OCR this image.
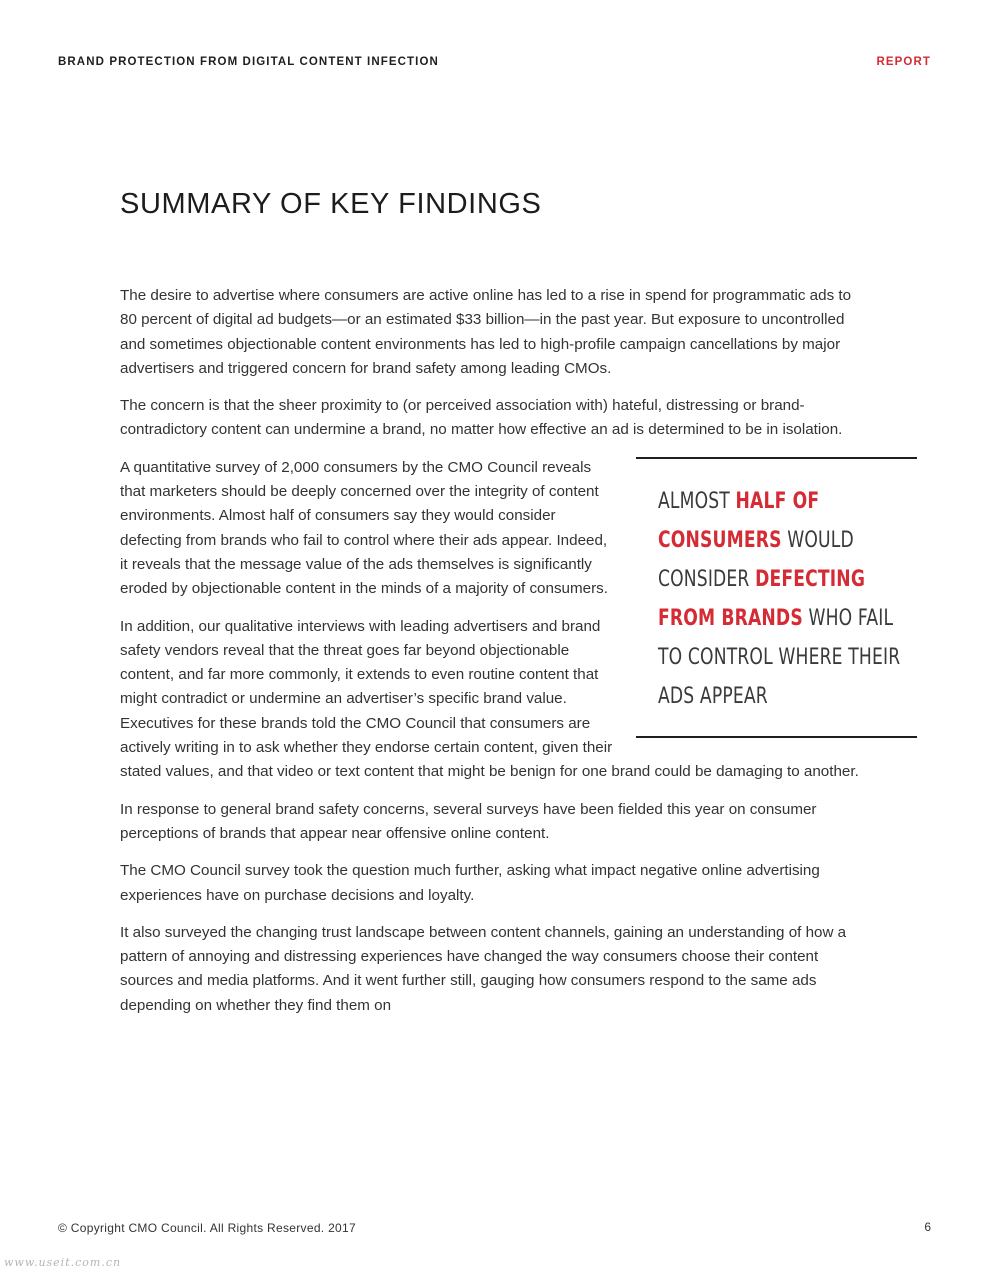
BRAND PROTECTION FROM DIGITAL CONTENT INFECTION	REPORT
SUMMARY OF KEY FINDINGS

The desire to advertise where consumers are active online has led to a rise in spend for programmatic ads to 80 percent of digital ad budgets—or an estimated $33 billion—in the past year. But exposure to uncontrolled and sometimes objectionable content environments has led to high-profile campaign cancellations by major advertisers and triggered concern for brand safety among leading CMOs.

The concern is that the sheer proximity to (or perceived association with) hateful, distressing or brand-contradictory content can undermine a brand, no matter how effective an ad is determined to be in isolation.

ALMOST HALF OF CONSUMERS WOULD CONSIDER DEFECTING FROM BRANDS WHO FAIL TO CONTROL WHERE THEIR ADS APPEAR

A quantitative survey of 2,000 consumers by the CMO Council reveals that marketers should be deeply concerned over the integrity of content environments. Almost half of consumers say they would consider defecting from brands who fail to control where their ads appear. Indeed, it reveals that the message value of the ads themselves is significantly eroded by objectionable content in the minds of a majority of consumers.

In addition, our qualitative interviews with leading advertisers and brand safety vendors reveal that the threat goes far beyond objectionable content, and far more commonly, it extends to even routine content that might contradict or undermine an advertiser’s specific brand value. Executives for these brands told the CMO Council that consumers are actively writing in to ask whether they endorse certain content, given their stated values, and that video or text content that might be benign for one brand could be damaging to another.

In response to general brand safety concerns, several surveys have been fielded this year on consumer perceptions of brands that appear near offensive online content.

The CMO Council survey took the question much further, asking what impact negative online advertising experiences have on purchase decisions and loyalty.

It also surveyed the changing trust landscape between content channels, gaining an understanding of how a pattern of annoying and distressing experiences have changed the way consumers choose their content sources and media platforms. And it went further still, gauging how consumers respond to the same ads depending on whether they find them on

© Copyright CMO Council. All Rights Reserved. 2017	6
www.useit.com.cn
